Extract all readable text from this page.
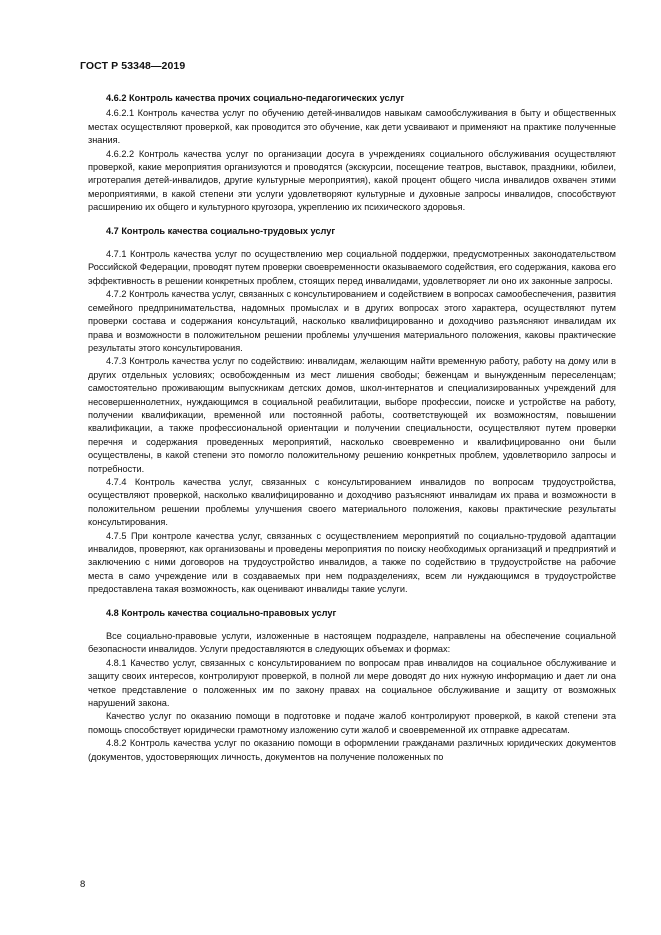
ГОСТ Р 53348—2019
4.6.2 Контроль качества прочих социально-педагогических услуг
4.6.2.1 Контроль качества услуг по обучению детей-инвалидов навыкам самообслуживания в быту и общественных местах осуществляют проверкой, как проводится это обучение, как дети усваивают и применяют на практике полученные знания.
4.6.2.2 Контроль качества услуг по организации досуга в учреждениях социального обслуживания осуществляют проверкой, какие мероприятия организуются и проводятся (экскурсии, посещение театров, выставок, праздники, юбилеи, игротерапия детей-инвалидов, другие культурные мероприятия), какой процент общего числа инвалидов охвачен этими мероприятиями, в какой степени эти услуги удовлетворяют культурные и духовные запросы инвалидов, способствуют расширению их общего и культурного кругозора, укреплению их психического здоровья.
4.7 Контроль качества социально-трудовых услуг
4.7.1 Контроль качества услуг по осуществлению мер социальной поддержки, предусмотренных законодательством Российской Федерации, проводят путем проверки своевременности оказываемого содействия, его содержания, какова его эффективность в решении конкретных проблем, стоящих перед инвалидами, удовлетворяет ли оно их законные запросы.
4.7.2 Контроль качества услуг, связанных с консультированием и содействием в вопросах самообеспечения, развития семейного предпринимательства, надомных промыслах и в других вопросах этого характера, осуществляют путем проверки состава и содержания консультаций, насколько квалифицированно и доходчиво разъясняют инвалидам их права и возможности в положительном решении проблемы улучшения материального положения, каковы практические результаты этого консультирования.
4.7.3 Контроль качества услуг по содействию: инвалидам, желающим найти временную работу, работу на дому или в других отдельных условиях; освобожденным из мест лишения свободы; беженцам и вынужденным переселенцам; самостоятельно проживающим выпускникам детских домов, школ-интернатов и специализированных учреждений для несовершеннолетних, нуждающимся в социальной реабилитации, выборе профессии, поиске и устройстве на работу, получении квалификации, временной или постоянной работы, соответствующей их возможностям, повышении квалификации, а также профессиональной ориентации и получении специальности, осуществляют путем проверки перечня и содержания проведенных мероприятий, насколько своевременно и квалифицированно они были осуществлены, в какой степени это помогло положительному решению конкретных проблем, удовлетворило запросы и потребности.
4.7.4 Контроль качества услуг, связанных с консультированием инвалидов по вопросам трудоустройства, осуществляют проверкой, насколько квалифицированно и доходчиво разъясняют инвалидам их права и возможности в положительном решении проблемы улучшения своего материального положения, каковы практические результаты консультирования.
4.7.5 При контроле качества услуг, связанных с осуществлением мероприятий по социально-трудовой адаптации инвалидов, проверяют, как организованы и проведены мероприятия по поиску необходимых организаций и предприятий и заключению с ними договоров на трудоустройство инвалидов, а также по содействию в трудоустройстве на рабочие места в само учреждение или в создаваемых при нем подразделениях, всем ли нуждающимся в трудоустройстве предоставлена такая возможность, как оценивают инвалиды такие услуги.
4.8 Контроль качества социально-правовых услуг
Все социально-правовые услуги, изложенные в настоящем подразделе, направлены на обеспечение социальной безопасности инвалидов. Услуги предоставляются в следующих объемах и формах:
4.8.1 Качество услуг, связанных с консультированием по вопросам прав инвалидов на социальное обслуживание и защиту своих интересов, контролируют проверкой, в полной ли мере доводят до них нужную информацию и дает ли она четкое представление о положенных им по закону правах на социальное обслуживание и защиту от возможных нарушений закона.
Качество услуг по оказанию помощи в подготовке и подаче жалоб контролируют проверкой, в какой степени эта помощь способствует юридически грамотному изложению сути жалоб и своевременной их отправке адресатам.
4.8.2 Контроль качества услуг по оказанию помощи в оформлении гражданами различных юридических документов (документов, удостоверяющих личность, документов на получение положенных по
8
